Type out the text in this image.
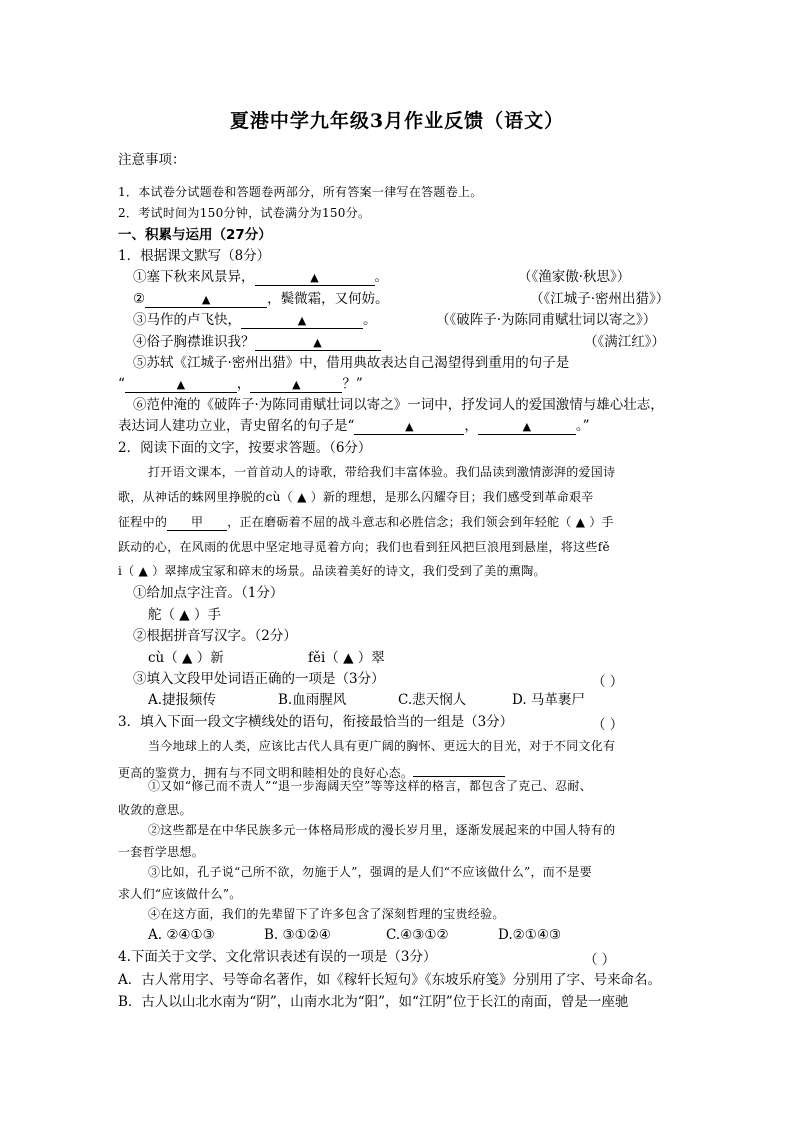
夏港中学九年级3月作业反馈（语文）
注意事项：
1．本试卷分试题卷和答题卷两部分，所有答案一律写在答题卷上。
2．考试时间为150分钟，试卷满分为150分。
一、积累与运用（27分）
1．根据课文默写（8分）
①塞下秋来风景异，	▲	。	（《渔家傲·秋思》）
②	▲	，鬓微霜，又何妨。	（《江城子·密州出猎》）
③马作的卢飞快，	▲	。	（《破阵子·为陈同甫赋壮词以寄之》）
④俗子胸襟谁识我？	▲	（《满江红》）
⑤苏轼《江城子·密州出猎》中，借用典故表达自己渴望得到重用的句子是
“	▲	，	▲	？”
⑥范仲淹的《破阵子·为陈同甫赋壮词以寄之》一词中，抒发词人的爱国激情与雄心壮志，
表达词人建功立业，青史留名的句子是“	▲	，	▲	。”
2．阅读下面的文字，按要求答题。（6分）
打开语文课本，一首首动人的诗歌，带给我们丰富体验。我们品读到激情澎湃的爱国诗
歌，从神话的蛛网里挣脱的cù（ ▲ ）新的理想，是那么闪耀夺目；我们感受到革命艰辛
征程中的 甲 ，正在磨砺着不屈的战斗意志和必胜信念；我们领会到年轻舵（ ▲ ）手
跃动的心，在风雨的优思中坚定地寻觅着方向；我们也看到狂风把巨浪甩到悬崖，将这些fě
i（ ▲ ）翠摔成宝冢和碎末的场景。品读着美好的诗文，我们受到了美的熏陶。
①给加点字注音。（1分）
舵（ ▲ ）手
②根据拼音写汉字。（2分）
cù（ ▲ ）新	fěi（ ▲ ）翠
③填入文段甲处词语正确的一项是（3分）	（ ）
A.捷报频传	B.血雨腥风	C.悲天悯人	D. 马革裹尸
3．填入下面一段文字横线处的语句，衔接最恰当的一组是（3分）	（ ）
当今地球上的人类，应该比古代人具有更广阔的胸怀、更远大的目光，对于不同文化有
更高的鉴赏力，拥有与不同文明和睦相处的良好心态。
①又如“修己而不责人”“退一步海阔天空”等等这样的格言，都包含了克己、忍耐、
收敛的意思。
②这些都是在中华民族多元一体格局形成的漫长岁月里，逐渐发展起来的中国人特有的
一套哲学思想。
③比如，孔子说“己所不欲，勿施于人”，强调的是人们“不应该做什么”，而不是要
求人们“应该做什么”。
④在这方面，我们的先辈留下了许多包含了深刻哲理的宝贵经验。
A. ②④①③	B. ③①②④	C.④③①②	D.②①④③
4.下面关于文学、文化常识表述有误的一项是（3分）	（ ）
A．古人常用字、号等命名著作，如《稼轩长短句》《东坡乐府笺》分别用了字、号来命名。
B．古人以山北水南为“阴”，山南水北为“阳”，如“江阴”位于长江的南面，曾是一座驰
